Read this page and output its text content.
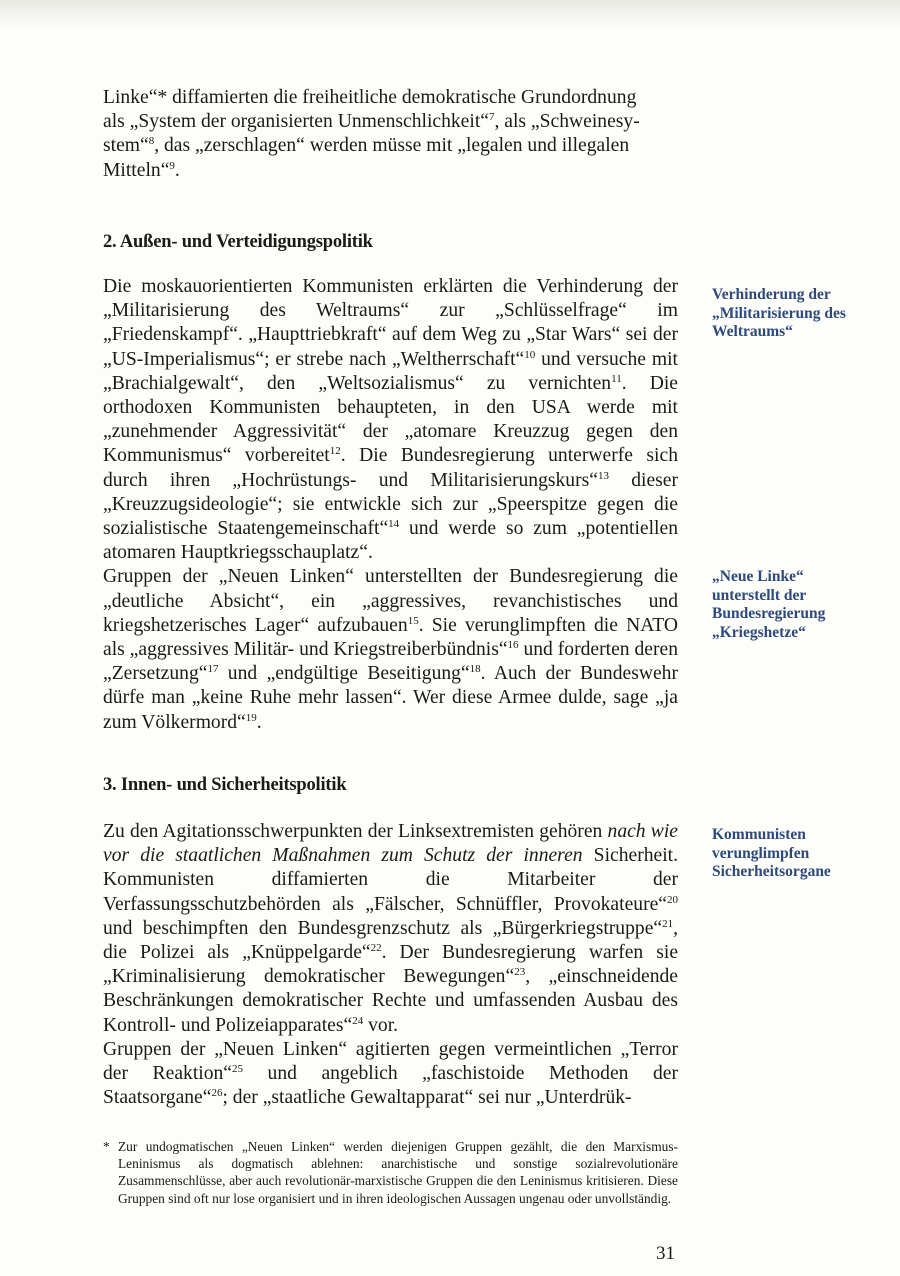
Linke“* diffamierten die freiheitliche demokratische Grundordnung
als „System der organisierten Unmenschlichkeit“$^7$, als „Schweinesy-
stem“$^8$, das „zerschlagen“ werden müsse mit „legalen und illegalen
Mitteln“$^9$.

2. Außen- und Verteidigungspolitik

Die moskauorientierten Kommunisten erklärten die Verhinderung der „Militarisierung des Weltraums“ zur „Schlüsselfrage“ im „Friedenskampf“. „Haupttriebkraft“ auf dem Weg zu „Star Wars“ sei der „US-Imperialismus“; er strebe nach „Weltherrschaft“$^{10}$ und versuche mit „Brachialgewalt“, den „Weltsozialismus“ zu vernichten$^{11}$. Die orthodoxen Kommunisten behaupteten, in den USA werde mit „zunehmender Aggressivität“ der „atomare Kreuzzug gegen den Kommunismus“ vorbereitet$^{12}$. Die Bundesregierung unterwerfe sich durch ihren „Hochrüstungs- und Militarisierungskurs“$^{13}$ dieser „Kreuzzugsideologie“; sie entwickle sich zur „Speerspitze gegen die sozialistische Staatengemeinschaft“$^{14}$ und werde so zum „potentiellen atomaren Hauptkriegsschauplatz“.

Gruppen der „Neuen Linken“ unterstellten der Bundesregierung die „deutliche Absicht“, ein „aggressives, revanchistisches und kriegshetzerisches Lager“ aufzubauen$^{15}$. Sie verunglimpften die NATO als „aggressives Militär- und Kriegstreiberbündnis“$^{16}$ und forderten deren „Zersetzung“$^{17}$ und „endgültige Beseitigung“$^{18}$. Auch der Bundeswehr dürfe man „keine Ruhe mehr lassen“. Wer diese Armee dulde, sage „ja zum Völkermord“$^{19}$.

Verhinderung der „Militarisierung des Weltraums“
„Neue Linke“ unterstellt der Bundesregierung „Kriegshetze“
3. Innen- und Sicherheitspolitik

Zu den Agitationsschwerpunkten der Linksextremisten gehören nach wie vor die staatlichen Maßnahmen zum Schutz der inneren Sicherheit. Kommunisten diffamierten die Mitarbeiter der Verfassungsschutzbehörden als „Fälscher, Schnüffler, Provokateure“$^{20}$ und beschimpften den Bundesgrenzschutz als „Bürgerkriegstruppe“$^{21}$, die Polizei als „Knüppelgarde“$^{22}$. Der Bundesregierung warfen sie „Kriminalisierung demokratischer Bewegungen“$^{23}$, „einschneidende Beschränkungen demokratischer Rechte und umfassenden Ausbau des Kontroll- und Polizeiapparates“$^{24}$ vor.

Gruppen der „Neuen Linken“ agitierten gegen vermeintlichen „Terror der Reaktion“$^{25}$ und angeblich „faschistoide Methoden der Staatsorgane“$^{26}$; der „staatliche Gewaltapparat“ sei nur „Unterdrük-

Kommunisten verunglimpfen Sicherheitsorgane
* Zur undogmatischen „Neuen Linken“ werden diejenigen Gruppen gezählt, die den Marxismus-Leninismus als dogmatisch ablehnen: anarchistische und sonstige sozialrevolutionäre Zusammenschlüsse, aber auch revolutionär-marxistische Gruppen die den Leninismus kritisieren. Diese Gruppen sind oft nur lose organisiert und in ihren ideologischen Aussagen ungenau oder unvollständig.
31
